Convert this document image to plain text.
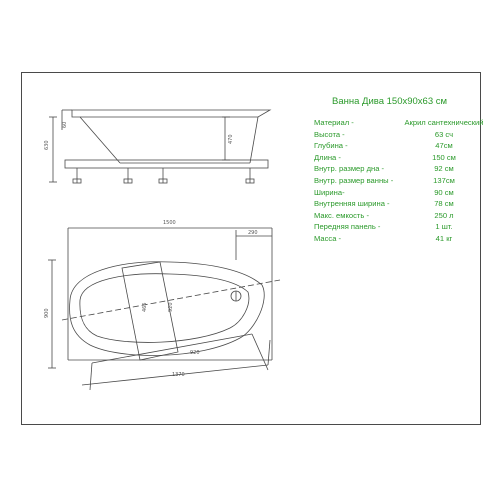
630
60
470
1500
290
900
465	920
920
1370
Ванна Дива 150х90х63 см
Материал -	Акрил сантехнический
Высота -	63 сч
Глубина -	47см
Длина -	150 см
Внутр. размер дна -	92 см
Внутр. размер ванны -	137см
Ширина-	90 см
Внутренняя ширина -	78 см
Макс. емкость -	250 л
Передняя панель -	1 шт.
Масса -	41 кг
